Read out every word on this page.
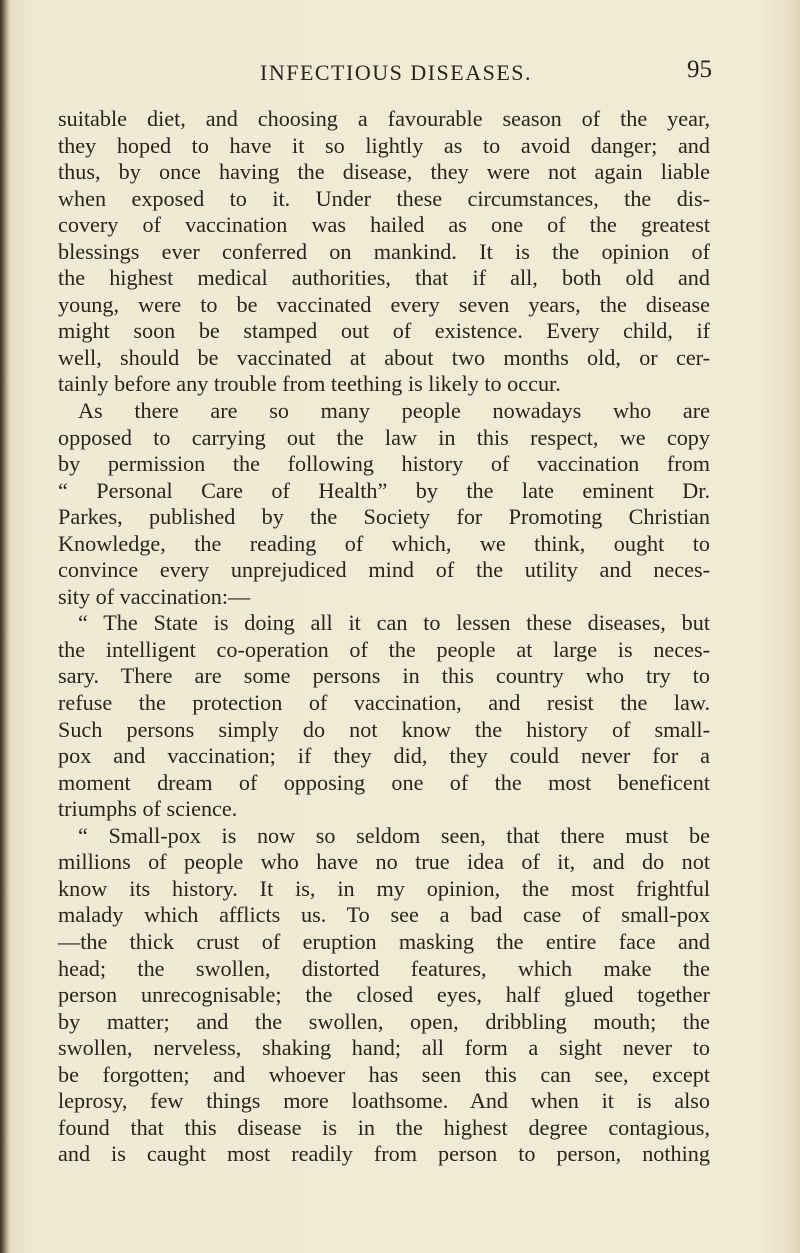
INFECTIOUS DISEASES.	95
suitable diet, and choosing a favourable season of the year,
they hoped to have it so lightly as to avoid danger; and
thus, by once having the disease, they were not again liable
when exposed to it. Under these circumstances, the dis-
covery of vaccination was hailed as one of the greatest
blessings ever conferred on mankind. It is the opinion of
the highest medical authorities, that if all, both old and
young, were to be vaccinated every seven years, the disease
might soon be stamped out of existence. Every child, if
well, should be vaccinated at about two months old, or cer-
tainly before any trouble from teething is likely to occur.
As there are so many people nowadays who are
opposed to carrying out the law in this respect, we copy
by permission the following history of vaccination from
“ Personal Care of Health” by the late eminent Dr.
Parkes, published by the Society for Promoting Christian
Knowledge, the reading of which, we think, ought to
convince every unprejudiced mind of the utility and neces-
sity of vaccination:—
“ The State is doing all it can to lessen these diseases, but
the intelligent co-operation of the people at large is neces-
sary. There are some persons in this country who try to
refuse the protection of vaccination, and resist the law.
Such persons simply do not know the history of small-
pox and vaccination; if they did, they could never for a
moment dream of opposing one of the most beneficent
triumphs of science.
“ Small-pox is now so seldom seen, that there must be
millions of people who have no true idea of it, and do not
know its history. It is, in my opinion, the most frightful
malady which afflicts us. To see a bad case of small-pox
—the thick crust of eruption masking the entire face and
head; the swollen, distorted features, which make the
person unrecognisable; the closed eyes, half glued together
by matter; and the swollen, open, dribbling mouth; the
swollen, nerveless, shaking hand; all form a sight never to
be forgotten; and whoever has seen this can see, except
leprosy, few things more loathsome. And when it is also
found that this disease is in the highest degree contagious,
and is caught most readily from person to person, nothing
